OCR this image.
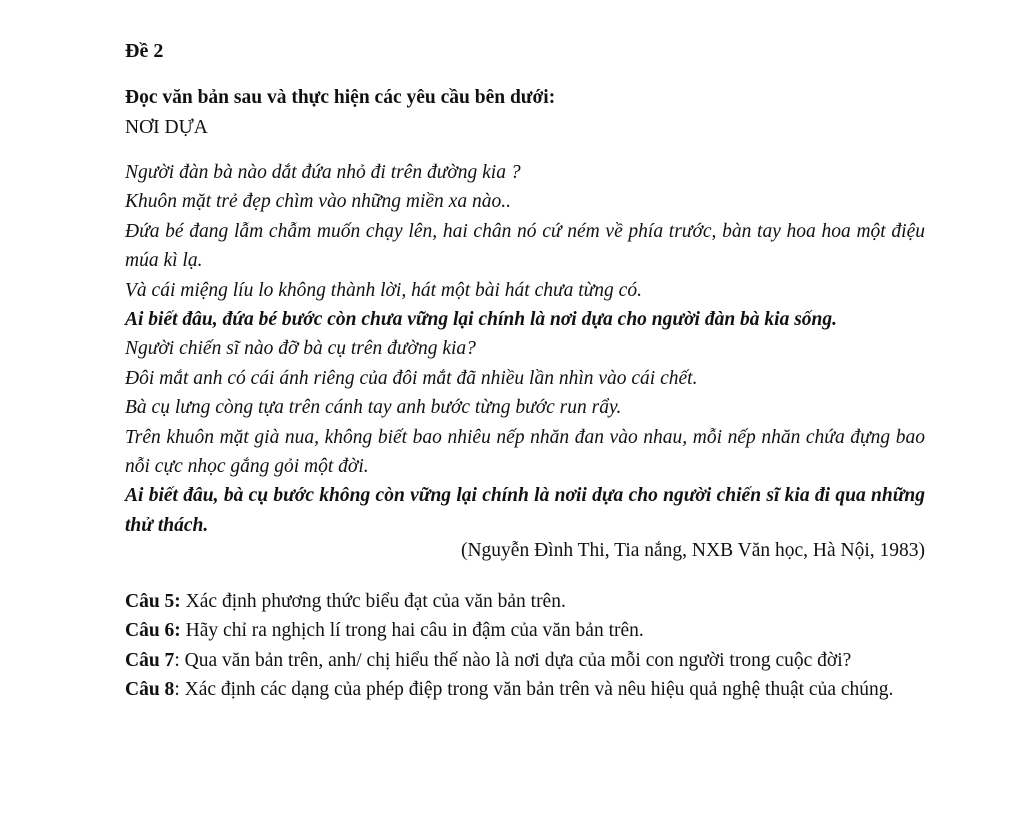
Đề 2

Đọc văn bản sau và thực hiện các yêu cầu bên dưới:

NƠI DỰA

Người đàn bà nào dắt đứa nhỏ đi trên đường kia ?
Khuôn mặt trẻ đẹp chìm vào những miền xa nào..
Đứa bé đang lẫm chẫm muốn chạy lên, hai chân nó cứ ném về phía trước, bàn tay hoa hoa một điệu múa kì lạ.
Và cái miệng líu lo không thành lời, hát một bài hát chưa từng có.
Ai biết đâu, đứa bé bước còn chưa vững lại chính là nơi dựa cho người đàn bà kia sống.
Người chiến sĩ nào đỡ bà cụ trên đường kia?
Đôi mắt anh có cái ánh riêng của đôi mắt đã nhiều lần nhìn vào cái chết.
Bà cụ lưng còng tựa trên cánh tay anh bước từng bước run rẩy.
Trên khuôn mặt già nua, không biết bao nhiêu nếp nhăn đan vào nhau, mỗi nếp nhăn chứa đựng bao nỗi cực nhọc gắng gỏi một đời.
Ai biết đâu, bà cụ bước không còn vững lại chính là nơii dựa cho người chiến sĩ kia đi qua những thử thách.

(Nguyễn Đình Thi, Tia nắng, NXB Văn học, Hà Nội, 1983)

Câu 5: Xác định phương thức biểu đạt của văn bản trên.
Câu 6: Hãy chỉ ra nghịch lí trong hai câu in đậm của văn bản trên.
Câu 7: Qua văn bản trên, anh/ chị hiểu thế nào là nơi dựa của mỗi con người trong cuộc đời?
Câu 8: Xác định các dạng của phép điệp trong văn bản trên và nêu hiệu quả nghệ thuật của chúng.
